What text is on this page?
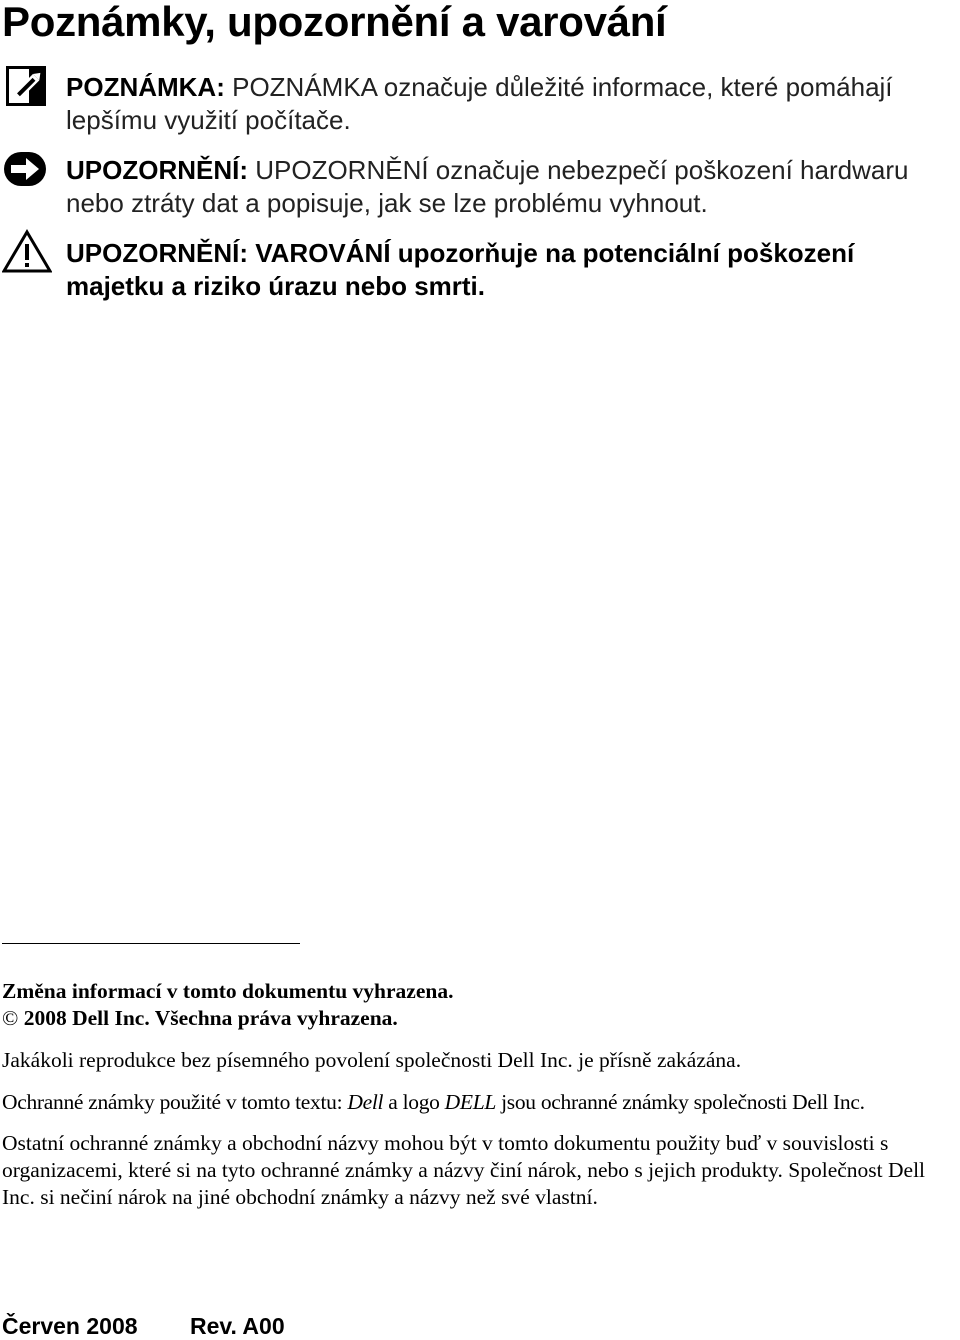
Poznámky, upozornění a varování
POZNÁMKA: POZNÁMKA označuje důležité informace, které pomáhají lepšímu využití počítače.
UPOZORNĚNÍ: UPOZORNĚNÍ označuje nebezpečí poškození hardwaru nebo ztráty dat a popisuje, jak se lze problému vyhnout.
UPOZORNĚNÍ: VAROVÁNÍ upozorňuje na potenciální poškození majetku a riziko úrazu nebo smrti.
Změna informací v tomto dokumentu vyhrazena.
© 2008 Dell Inc. Všechna práva vyhrazena.
Jakákoli reprodukce bez písemného povolení společnosti Dell Inc. je přísně zakázána.
Ochranné známky použité v tomto textu: Dell a logo DELL jsou ochranné známky společnosti Dell Inc.
Ostatní ochranné známky a obchodní názvy mohou být v tomto dokumentu použity buď v souvislosti s organizacemi, které si na tyto ochranné známky a názvy činí nárok, nebo s jejich produkty. Společnost Dell Inc. si nečiní nárok na jiné obchodní známky a názvy než své vlastní.
Červen 2008 Rev. A00
